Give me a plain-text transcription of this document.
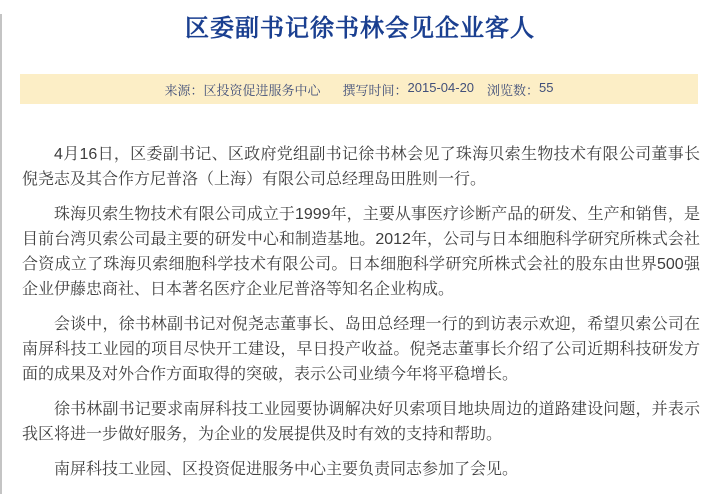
区委副书记徐书林会见企业客人
来源： 区投资促进服务中心 撰写时间： 2015-04-20 浏览数： 55

4月16日，区委副书记、区政府党组副书记徐书林会见了珠海贝索生物技术有限公司董事长倪尧志及其合作方尼普洛（上海）有限公司总经理岛田胜则一行。

珠海贝索生物技术有限公司成立于1999年，主要从事医疗诊断产品的研发、生产和销售，是目前台湾贝索公司最主要的研发中心和制造基地。2012年，公司与日本细胞科学研究所株式会社合资成立了珠海贝索细胞科学技术有限公司。日本细胞科学研究所株式会社的股东由世界500强企业伊藤忠商社、日本著名医疗企业尼普洛等知名企业构成。

会谈中，徐书林副书记对倪尧志董事长、岛田总经理一行的到访表示欢迎，希望贝索公司在南屏科技工业园的项目尽快开工建设，早日投产收益。倪尧志董事长介绍了公司近期科技研发方面的成果及对外合作方面取得的突破，表示公司业绩今年将平稳增长。

徐书林副书记要求南屏科技工业园要协调解决好贝索项目地块周边的道路建设问题，并表示我区将进一步做好服务，为企业的发展提供及时有效的支持和帮助。

南屏科技工业园、区投资促进服务中心主要负责同志参加了会见。
